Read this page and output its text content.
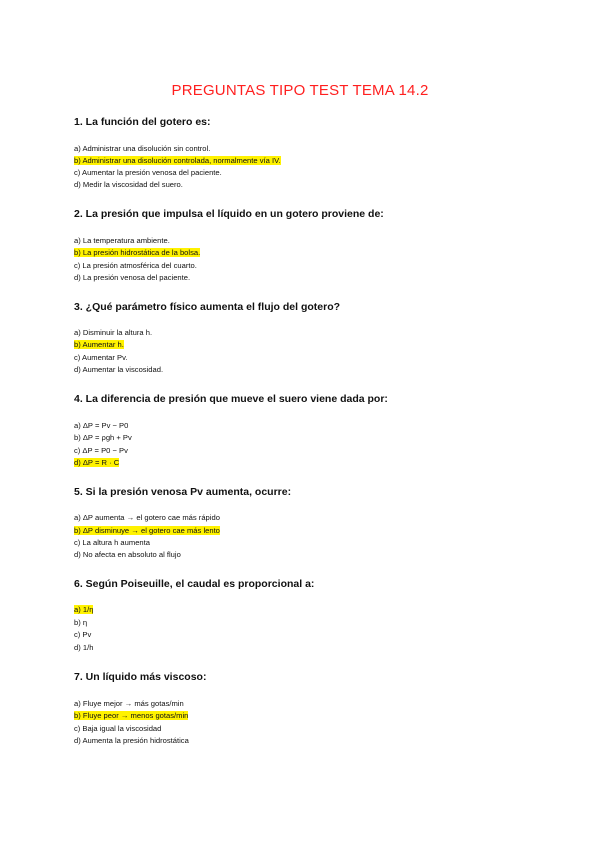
PREGUNTAS TIPO TEST TEMA 14.2
1. La función del gotero es:
a) Administrar una disolución sin control.
b) Administrar una disolución controlada, normalmente vía IV.
c) Aumentar la presión venosa del paciente.
d) Medir la viscosidad del suero.
2. La presión que impulsa el líquido en un gotero proviene de:
a) La temperatura ambiente.
b) La presión hidrostática de la bolsa.
c) La presión atmosférica del cuarto.
d) La presión venosa del paciente.
3. ¿Qué parámetro físico aumenta el flujo del gotero?
a) Disminuir la altura h.
b) Aumentar h.
c) Aumentar Pv.
d) Aumentar la viscosidad.
4. La diferencia de presión que mueve el suero viene dada por:
a) ΔP = Pv − P0
b) ΔP = ρgh + Pv
c) ΔP = P0 − Pv
d) ΔP = R · C
5. Si la presión venosa Pv aumenta, ocurre:
a) ΔP aumenta → el gotero cae más rápido
b) ΔP disminuye → el gotero cae más lento
c) La altura h aumenta
d) No afecta en absoluto al flujo
6. Según Poiseuille, el caudal es proporcional a:
a) 1/η
b) η
c) Pv
d) 1/h
7. Un líquido más viscoso:
a) Fluye mejor → más gotas/min
b) Fluye peor → menos gotas/min
c) Baja igual la viscosidad
d) Aumenta la presión hidrostática
